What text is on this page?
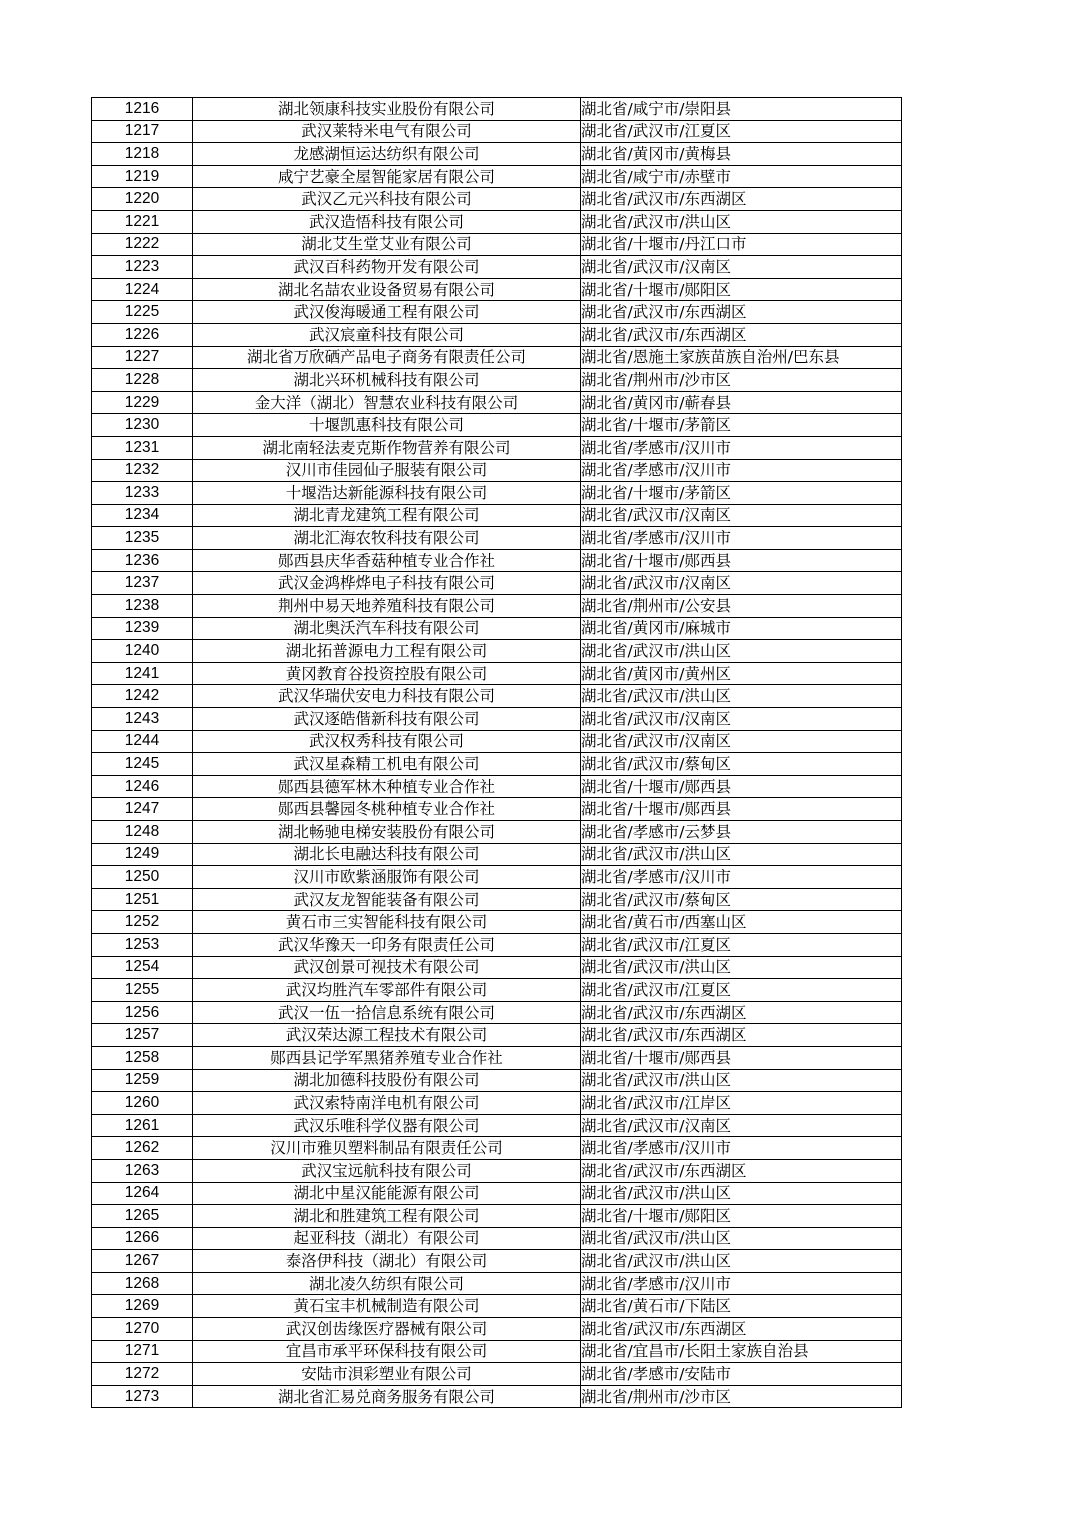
1216	湖北领康科技实业股份有限公司	湖北省/咸宁市/崇阳县
1217	武汉莱特米电气有限公司	湖北省/武汉市/江夏区
1218	龙感湖恒运达纺织有限公司	湖北省/黄冈市/黄梅县
1219	咸宁艺豪全屋智能家居有限公司	湖北省/咸宁市/赤壁市
1220	武汉乙元兴科技有限公司	湖北省/武汉市/东西湖区
1221	武汉造悟科技有限公司	湖北省/武汉市/洪山区
1222	湖北艾生堂艾业有限公司	湖北省/十堰市/丹江口市
1223	武汉百科药物开发有限公司	湖北省/武汉市/汉南区
1224	湖北名喆农业设备贸易有限公司	湖北省/十堰市/郧阳区
1225	武汉俊海暖通工程有限公司	湖北省/武汉市/东西湖区
1226	武汉宸童科技有限公司	湖北省/武汉市/东西湖区
1227	湖北省万欣硒产品电子商务有限责任公司	湖北省/恩施土家族苗族自治州/巴东县
1228	湖北兴环机械科技有限公司	湖北省/荆州市/沙市区
1229	金大洋（湖北）智慧农业科技有限公司	湖北省/黄冈市/蕲春县
1230	十堰凯惠科技有限公司	湖北省/十堰市/茅箭区
1231	湖北南轻法麦克斯作物营养有限公司	湖北省/孝感市/汉川市
1232	汉川市佳园仙子服装有限公司	湖北省/孝感市/汉川市
1233	十堰浩达新能源科技有限公司	湖北省/十堰市/茅箭区
1234	湖北青龙建筑工程有限公司	湖北省/武汉市/汉南区
1235	湖北汇海农牧科技有限公司	湖北省/孝感市/汉川市
1236	郧西县庆华香菇种植专业合作社	湖北省/十堰市/郧西县
1237	武汉金鸿桦烨电子科技有限公司	湖北省/武汉市/汉南区
1238	荆州中易天地养殖科技有限公司	湖北省/荆州市/公安县
1239	湖北奥沃汽车科技有限公司	湖北省/黄冈市/麻城市
1240	湖北拓普源电力工程有限公司	湖北省/武汉市/洪山区
1241	黄冈教育谷投资控股有限公司	湖北省/黄冈市/黄州区
1242	武汉华瑞伏安电力科技有限公司	湖北省/武汉市/洪山区
1243	武汉逐皓偕新科技有限公司	湖北省/武汉市/汉南区
1244	武汉权秀科技有限公司	湖北省/武汉市/汉南区
1245	武汉星森精工机电有限公司	湖北省/武汉市/蔡甸区
1246	郧西县德军林木种植专业合作社	湖北省/十堰市/郧西县
1247	郧西县馨园冬桃种植专业合作社	湖北省/十堰市/郧西县
1248	湖北畅驰电梯安装股份有限公司	湖北省/孝感市/云梦县
1249	湖北长电融达科技有限公司	湖北省/武汉市/洪山区
1250	汉川市欧紫涵服饰有限公司	湖北省/孝感市/汉川市
1251	武汉友龙智能装备有限公司	湖北省/武汉市/蔡甸区
1252	黄石市三实智能科技有限公司	湖北省/黄石市/西塞山区
1253	武汉华豫天一印务有限责任公司	湖北省/武汉市/江夏区
1254	武汉创景可视技术有限公司	湖北省/武汉市/洪山区
1255	武汉均胜汽车零部件有限公司	湖北省/武汉市/江夏区
1256	武汉一伍一拾信息系统有限公司	湖北省/武汉市/东西湖区
1257	武汉荣达源工程技术有限公司	湖北省/武汉市/东西湖区
1258	郧西县记学军黑猪养殖专业合作社	湖北省/十堰市/郧西县
1259	湖北加德科技股份有限公司	湖北省/武汉市/洪山区
1260	武汉索特南洋电机有限公司	湖北省/武汉市/江岸区
1261	武汉乐唯科学仪器有限公司	湖北省/武汉市/汉南区
1262	汉川市雅贝塑料制品有限责任公司	湖北省/孝感市/汉川市
1263	武汉宝远航科技有限公司	湖北省/武汉市/东西湖区
1264	湖北中星汉能能源有限公司	湖北省/武汉市/洪山区
1265	湖北和胜建筑工程有限公司	湖北省/十堰市/郧阳区
1266	起亚科技（湖北）有限公司	湖北省/武汉市/洪山区
1267	泰洛伊科技（湖北）有限公司	湖北省/武汉市/洪山区
1268	湖北凌久纺织有限公司	湖北省/孝感市/汉川市
1269	黄石宝丰机械制造有限公司	湖北省/黄石市/下陆区
1270	武汉创齿缘医疗器械有限公司	湖北省/武汉市/东西湖区
1271	宜昌市承平环保科技有限公司	湖北省/宜昌市/长阳土家族自治县
1272	安陆市浿彩塑业有限公司	湖北省/孝感市/安陆市
1273	湖北省汇易兑商务服务有限公司	湖北省/荆州市/沙市区
